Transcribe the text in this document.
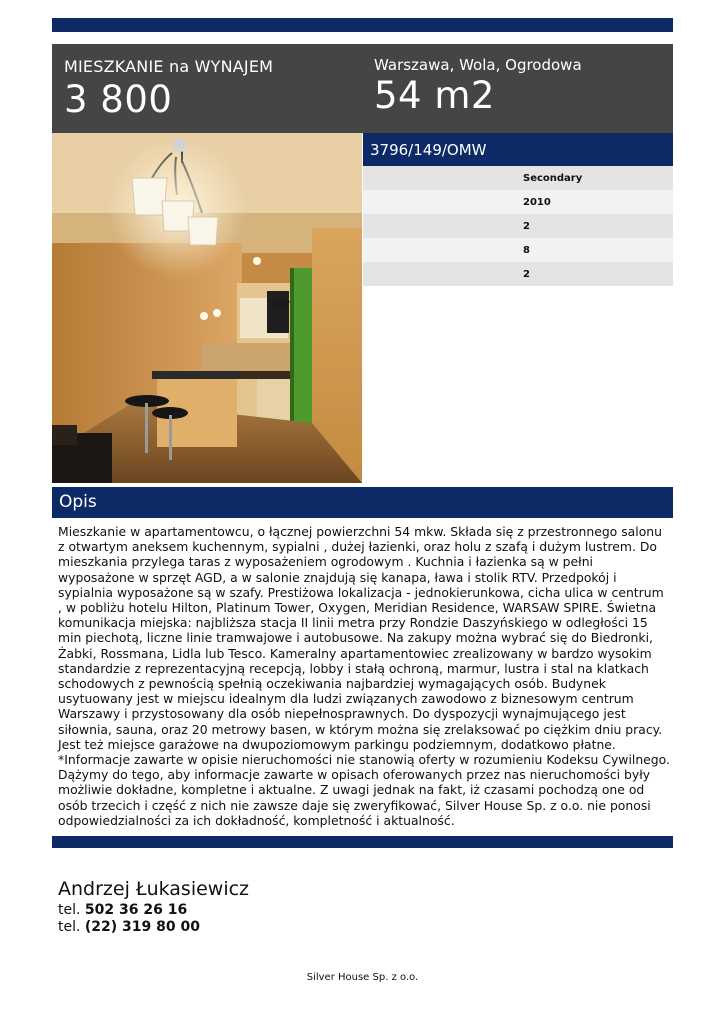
MIESZKANIE na WYNAJEM
3 800
Warszawa, Wola, Ogrodowa
54 m2
3796/149/OMW
Secondary
2010
2
8
2
Opis
Mieszkanie w apartamentowcu, o łącznej powierzchni 54 mkw. Składa się z przestronnego salonu z otwartym aneksem kuchennym, sypialni , dużej łazienki, oraz holu z szafą i dużym lustrem. Do mieszkania przylega taras z wyposażeniem ogrodowym . Kuchnia i łazienka są w pełni wyposażone w sprzęt AGD, a w salonie znajdują się kanapa, ława i stolik RTV. Przedpokój i sypialnia wyposażone są w szafy. Prestiżowa lokalizacja - jednokierunkowa, cicha ulica w centrum , w pobliżu hotelu Hilton, Platinum Tower, Oxygen, Meridian Residence, WARSAW SPIRE. Świetna komunikacja miejska: najbliższa stacja II linii metra przy Rondzie Daszyńskiego w odległości 15 min piechotą, liczne linie tramwajowe i autobusowe. Na zakupy można wybrać się do Biedronki, Żabki, Rossmana, Lidla lub Tesco. Kameralny apartamentowiec zrealizowany w bardzo wysokim standardzie z reprezentacyjną recepcją, lobby i stałą ochroną, marmur, lustra i stal na klatkach schodowych z pewnością spełnią oczekiwania najbardziej wymagających osób. Budynek usytuowany jest w miejscu idealnym dla ludzi związanych zawodowo z biznesowym centrum Warszawy i przystosowany dla osób niepełnosprawnych. Do dyspozycji wynajmującego jest siłownia, sauna, oraz 20 metrowy basen, w którym można się zrelaksować po ciężkim dniu pracy. Jest też miejsce garażowe na dwupoziomowym parkingu podziemnym, dodatkowo płatne.
*Informacje zawarte w opisie nieruchomości nie stanowią oferty w rozumieniu Kodeksu Cywilnego. Dążymy do tego, aby informacje zawarte w opisach oferowanych przez nas nieruchomości były możliwie dokładne, kompletne i aktualne. Z uwagi jednak na fakt, iż czasami pochodzą one od osób trzecich i część z nich nie zawsze daje się zweryfikować, Silver House Sp. z o.o. nie ponosi odpowiedzialności za ich dokładność, kompletność i aktualność.
Andrzej Łukasiewicz
tel. 502 36 26 16
tel. (22) 319 80 00
Silver House Sp. z o.o.
